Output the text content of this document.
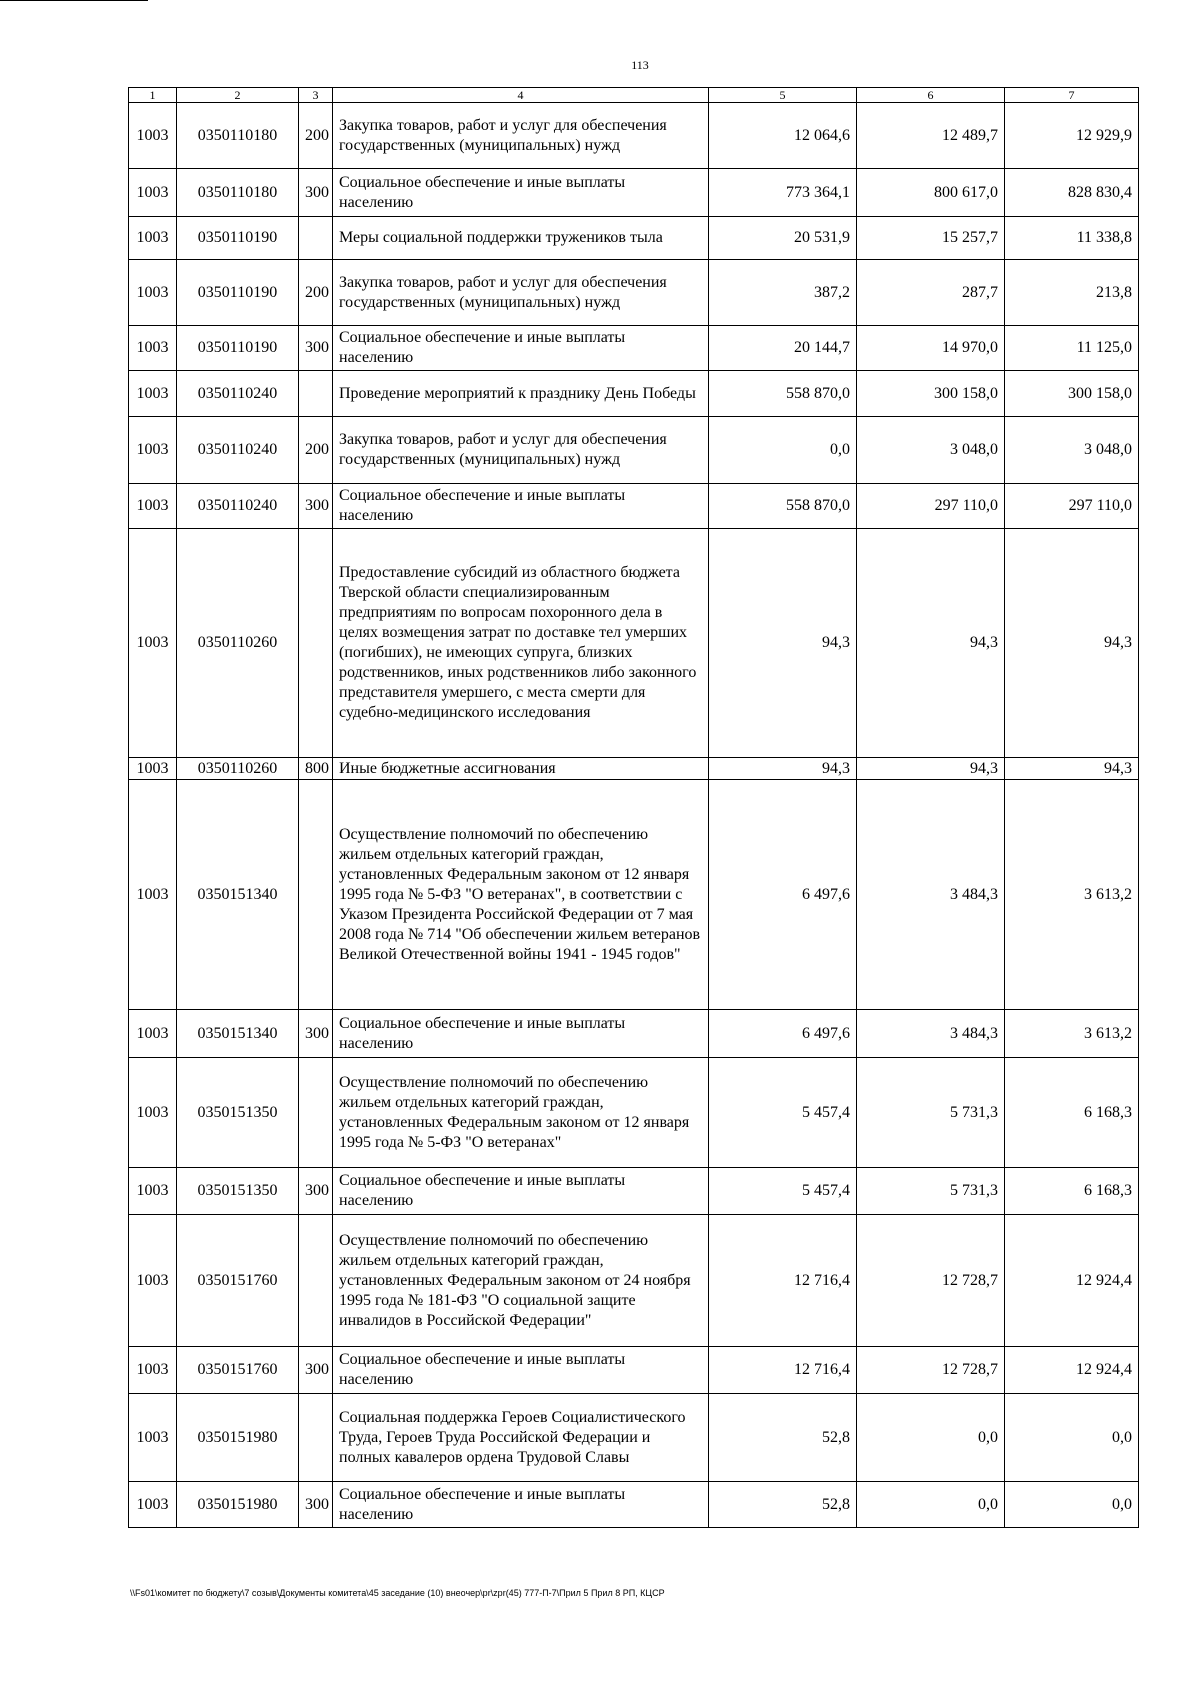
113
1	2	3	4	5	6	7
1003	0350110180	200	Закупка товаров, работ и услуг для обеспечения государственных (муниципальных) нужд	12 064,6	12 489,7	12 929,9
1003	0350110180	300	Социальное обеспечение и иные выплаты населению	773 364,1	800 617,0	828 830,4
1003	0350110190		Меры социальной поддержки тружеников тыла	20 531,9	15 257,7	11 338,8
1003	0350110190	200	Закупка товаров, работ и услуг для обеспечения государственных (муниципальных) нужд	387,2	287,7	213,8
1003	0350110190	300	Социальное обеспечение и иные выплаты населению	20 144,7	14 970,0	11 125,0
1003	0350110240		Проведение мероприятий к празднику День Победы	558 870,0	300 158,0	300 158,0
1003	0350110240	200	Закупка товаров, работ и услуг для обеспечения государственных (муниципальных) нужд	0,0	3 048,0	3 048,0
1003	0350110240	300	Социальное обеспечение и иные выплаты населению	558 870,0	297 110,0	297 110,0
1003	0350110260		Предоставление субсидий из областного бюджета Тверской области специализированным предприятиям по вопросам похоронного дела в целях возмещения затрат по доставке тел умерших (погибших), не имеющих супруга, близких родственников, иных родственников либо законного представителя умершего, с места смерти для судебно-медицинского исследования	94,3	94,3	94,3
1003	0350110260	800	Иные бюджетные ассигнования	94,3	94,3	94,3
1003	0350151340		Осуществление полномочий по обеспечению жильем отдельных категорий граждан, установленных Федеральным законом от 12 января 1995 года № 5-ФЗ "О ветеранах", в соответствии с Указом Президента Российской Федерации от 7 мая 2008 года № 714 "Об обеспечении жильем ветеранов Великой Отечественной войны 1941 - 1945 годов"	6 497,6	3 484,3	3 613,2
1003	0350151340	300	Социальное обеспечение и иные выплаты населению	6 497,6	3 484,3	3 613,2
1003	0350151350		Осуществление полномочий по обеспечению жильем отдельных категорий граждан, установленных Федеральным законом от 12 января 1995 года № 5-ФЗ "О ветеранах"	5 457,4	5 731,3	6 168,3
1003	0350151350	300	Социальное обеспечение и иные выплаты населению	5 457,4	5 731,3	6 168,3
1003	0350151760		Осуществление полномочий по обеспечению жильем отдельных категорий граждан, установленных Федеральным законом от 24 ноября 1995 года № 181-ФЗ "О социальной защите инвалидов в Российской Федерации"	12 716,4	12 728,7	12 924,4
1003	0350151760	300	Социальное обеспечение и иные выплаты населению	12 716,4	12 728,7	12 924,4
1003	0350151980		Социальная поддержка Героев Социалистического Труда, Героев Труда Российской Федерации и полных кавалеров ордена Трудовой Славы	52,8	0,0	0,0
1003	0350151980	300	Социальное обеспечение и иные выплаты населению	52,8	0,0	0,0
\\Fs01\комитет по бюджету\7 созыв\Документы комитета\45 заседание (10) внеочер\pr\zpr(45) 777-П-7\Прил 5 Прил 8 РП, КЦСР
